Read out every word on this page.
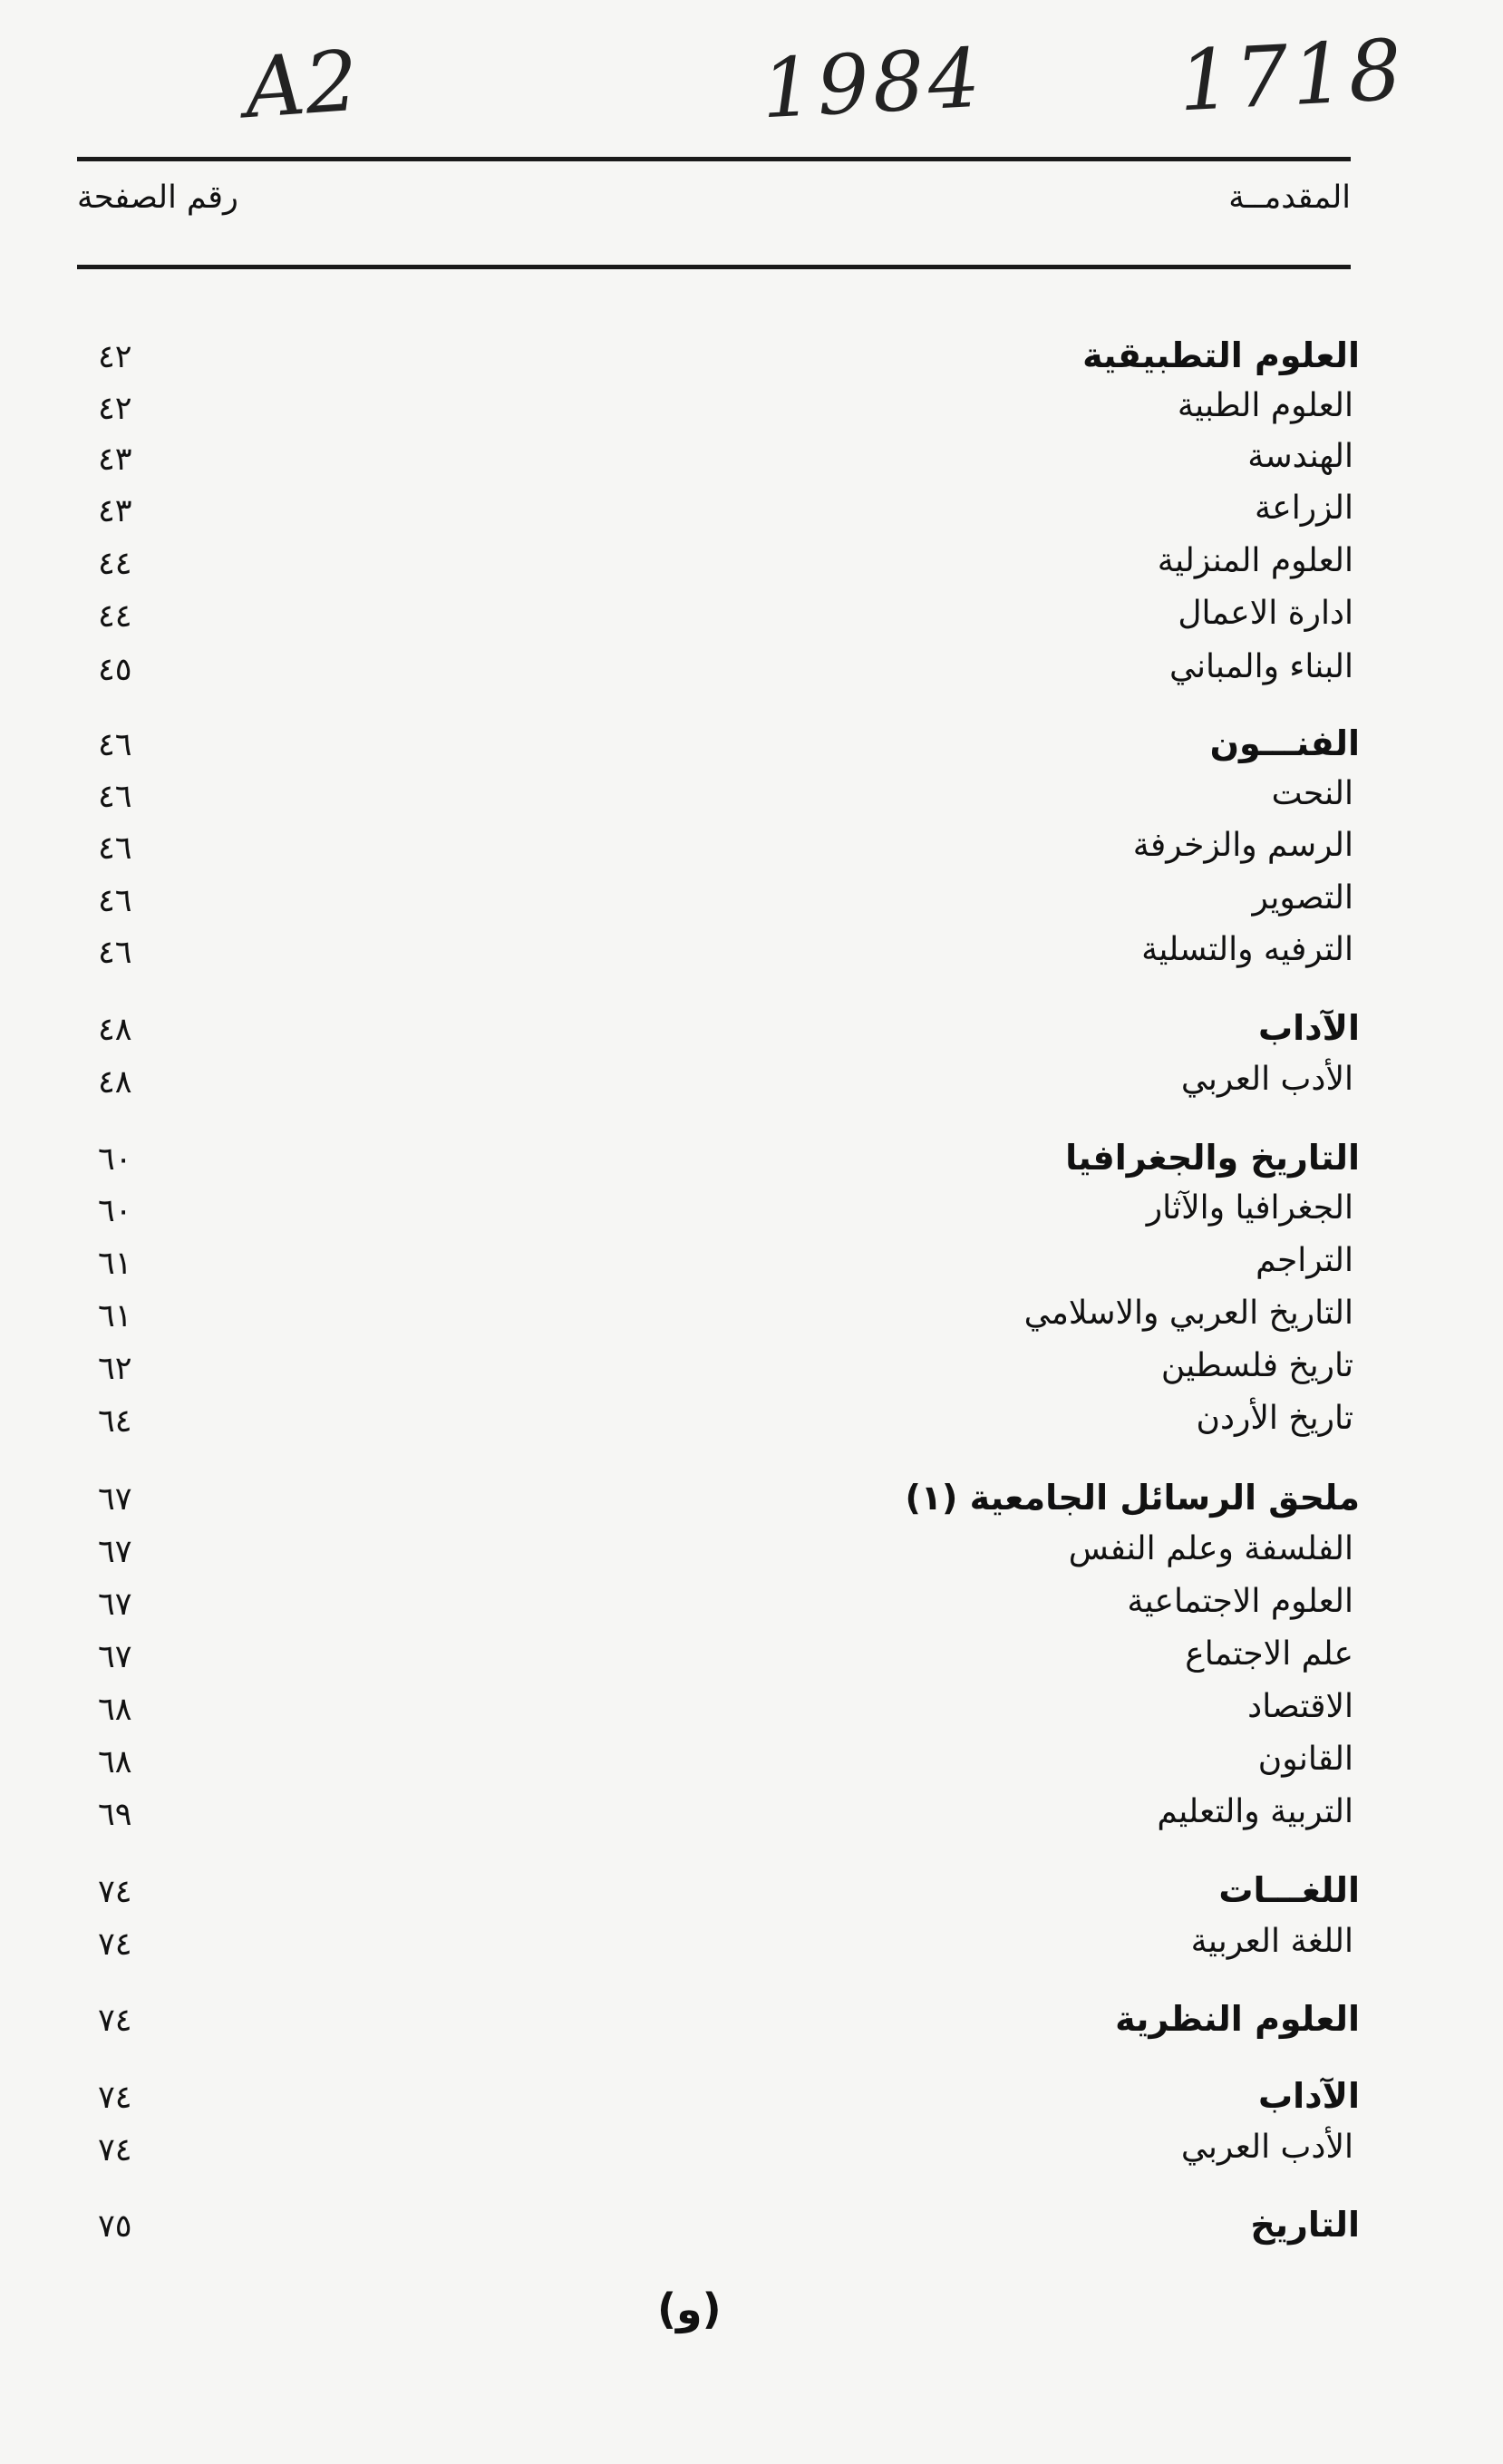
A2	1984 1718
المقدمــة
رقم الصفحة
العلوم التطبيقية
٤٢
العلوم الطبية
٤٢
الهندسة
٤٣
الزراعة
٤٣
العلوم المنزلية
٤٤
ادارة الاعمال
٤٤
البناء والمباني
٤٥
الفنـــون
٤٦
النحت
٤٦
الرسم والزخرفة
٤٦
التصوير
٤٦
الترفيه والتسلية
٤٦
الآداب
٤٨
الأدب العربي
٤٨
التاريخ والجغرافيا
٦٠
الجغرافيا والآثار
٦٠
التراجم
٦١
التاريخ العربي والاسلامي
٦١
تاريخ فلسطين
٦٢
تاريخ الأردن
٦٤
ملحق الرسائل الجامعية (١)
٦٧
الفلسفة وعلم النفس
٦٧
العلوم الاجتماعية
٦٧
علم الاجتماع
٦٧
الاقتصاد
٦٨
القانون
٦٨
التربية والتعليم
٦٩
اللغـــات
٧٤
اللغة العربية
٧٤
العلوم النظرية
٧٤
الآداب
٧٤
الأدب العربي
٧٤
التاريخ
٧٥
(و)
